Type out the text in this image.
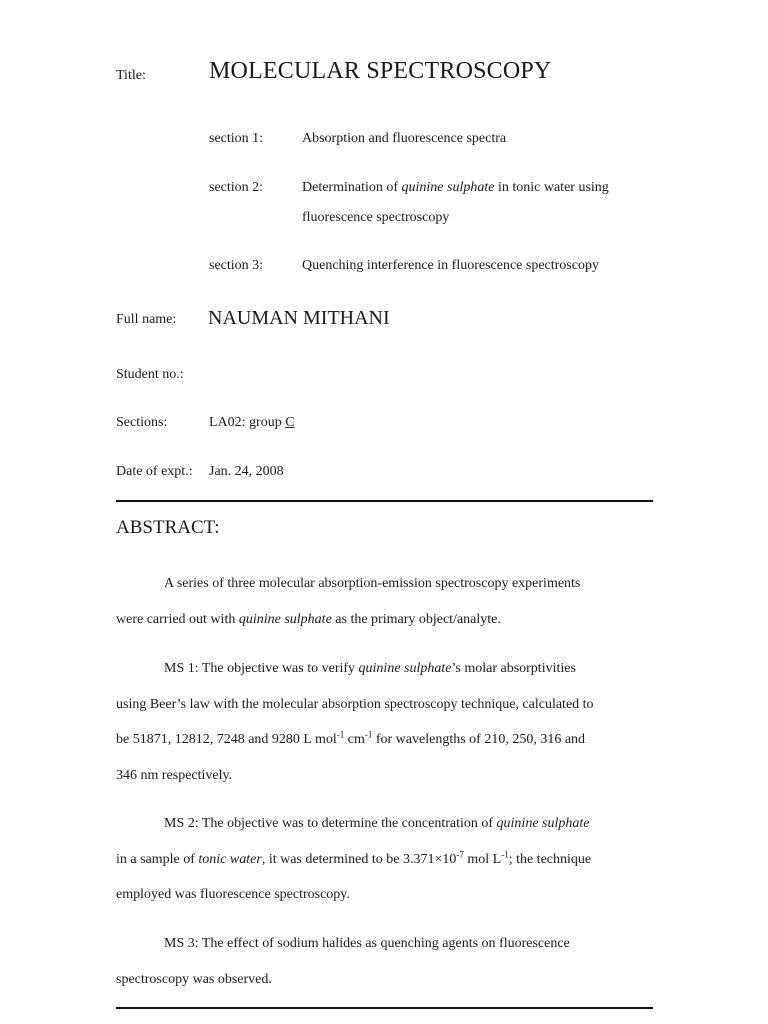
Title:	MOLECULAR SPECTROSCOPY
section 1:	Absorption and fluorescence spectra
section 2:	Determination of quinine sulphate in tonic water using
fluorescence spectroscopy
section 3:	Quenching interference in fluorescence spectroscopy
Full name: NAUMAN MITHANI
Student no.:
Sections:	LA02: group C
Date of expt.: Jan. 24, 2008
ABSTRACT:

A series of three molecular absorption-emission spectroscopy experiments

were carried out with quinine sulphate as the primary object/analyte.

MS 1: The objective was to verify quinine sulphate’s molar absorptivities

using Beer’s law with the molecular absorption spectroscopy technique, calculated to

be 51871, 12812, 7248 and 9280 L mol$^{-1}$ $cm^{-1}$ for wavelengths of 210, 250, 316 and

346 nm respectively.

MS 2: The objective was to determine the concentration of quinine sulphate

in a sample of tonic water, it was determined to be $3.371\times 10^{-7}$ mol $L^{-1}$; the technique

employed was fluorescence spectroscopy.

MS 3: The effect of sodium halides as quenching agents on fluorescence

spectroscopy was observed.
